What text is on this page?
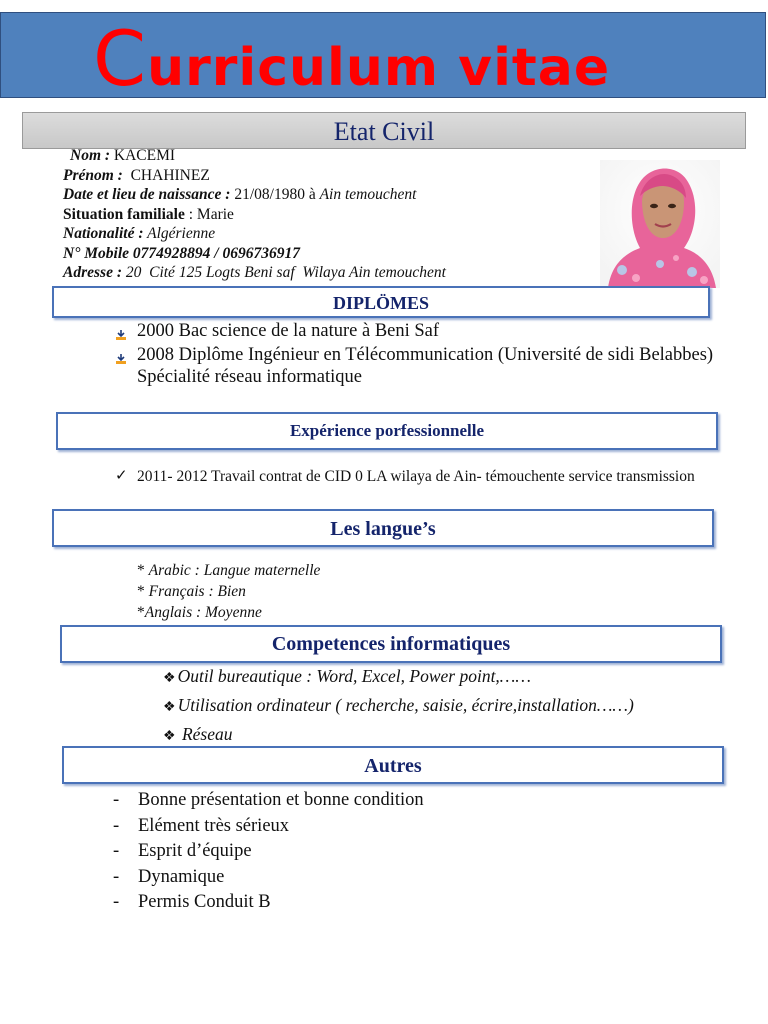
Curriculum vitae
Etat Civil
Nom : KACEMI
Prénom :  CHAHINEZ
Date et lieu de naissance : 21/08/1980 à Ain temouchent
Situation familiale : Marie
Nationalité : Algérienne
N° Mobile 0774928894 / 0696736917
Adresse : 20  Cité 125 Logts Beni saf  Wilaya Ain temouchent
DIPLÖMES
2000 Bac science de la nature à Beni Saf
2008 Diplôme Ingénieur en Télécommunication (Université de sidi Belabbes) Spécialité réseau informatique
Expérience porfessionnelle
✓ 2011- 2012 Travail contrat de CID 0 LA wilaya de Ain- témouchente service transmission
Les langue’s
* Arabic : Langue maternelle
* Français : Bien
*Anglais : Moyenne
Competences informatiques
❖ Outil bureautique : Word, Excel, Power point,……
❖ Utilisation ordinateur ( recherche, saisie, écrire,installation……)
❖ Réseau
Autres
- Bonne présentation et bonne condition
- Elément très sérieux
- Esprit d’équipe
- Dynamique
- Permis Conduit B
